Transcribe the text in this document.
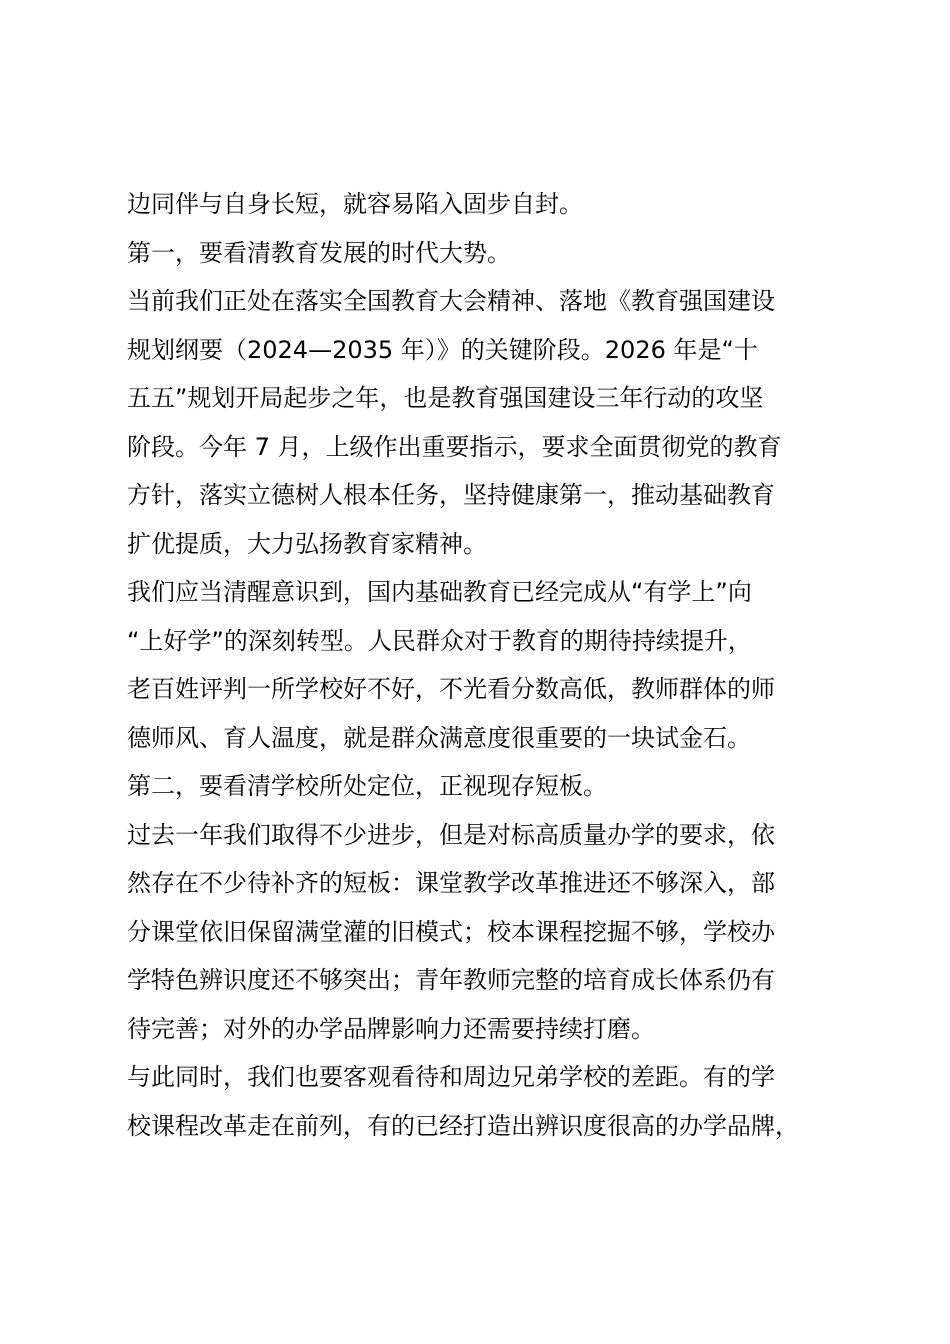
边同伴与自身长短，就容易陷入固步自封。
第一，要看清教育发展的时代大势。
当前我们正处在落实全国教育大会精神、落地《教育强国建设
规划纲要（2024—2035 年）》的关键阶段。2026 年是“十
五五”规划开局起步之年，也是教育强国建设三年行动的攻坚
阶段。今年 7 月，上级作出重要指示，要求全面贯彻党的教育
方针，落实立德树人根本任务，坚持健康第一，推动基础教育
扩优提质，大力弘扬教育家精神。
我们应当清醒意识到，国内基础教育已经完成从“有学上”向
“上好学”的深刻转型。人民群众对于教育的期待持续提升，
老百姓评判一所学校好不好，不光看分数高低，教师群体的师
德师风、育人温度，就是群众满意度很重要的一块试金石。
第二，要看清学校所处定位，正视现存短板。
过去一年我们取得不少进步，但是对标高质量办学的要求，依
然存在不少待补齐的短板：课堂教学改革推进还不够深入，部
分课堂依旧保留满堂灌的旧模式；校本课程挖掘不够，学校办
学特色辨识度还不够突出；青年教师完整的培育成长体系仍有
待完善；对外的办学品牌影响力还需要持续打磨。
与此同时，我们也要客观看待和周边兄弟学校的差距。有的学
校课程改革走在前列，有的已经打造出辨识度很高的办学品牌，
